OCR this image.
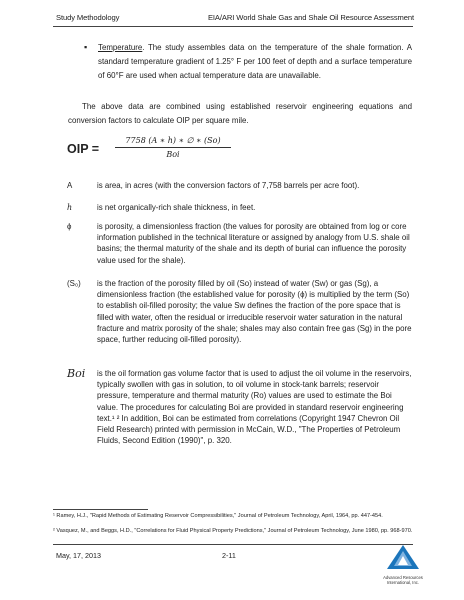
Study Methodology	EIA/ARI World Shale Gas and Shale Oil Resource Assessment
▪ Temperature. The study assembles data on the temperature of the shale formation. A standard temperature gradient of 1.25° F per 100 feet of depth and a surface temperature of 60°F are used when actual temperature data are unavailable.
The above data are combined using established reservoir engineering equations and conversion factors to calculate OIP per square mile.
OIP =
7758 (A ∗ h) ∗ ∅ ∗ (So)
Boi
A	is area, in acres (with the conversion factors of 7,758 barrels per acre foot).
h	is net organically-rich shale thickness, in feet.
ϕ	is porosity, a dimensionless fraction (the values for porosity are obtained from log or core information published in the technical literature or assigned by analogy from U.S. shale oil basins; the thermal maturity of the shale and its depth of burial can influence the porosity value used for the shale).
(S₀)	is the fraction of the porosity filled by oil (So) instead of water (Sw) or gas (Sg), a dimensionless fraction (the established value for porosity (ϕ) is multiplied by the term (So) to establish oil-filled porosity; the value Sw defines the fraction of the pore space that is filled with water, often the residual or irreducible reservoir water saturation in the natural fracture and matrix porosity of the shale; shales may also contain free gas (Sg) in the pore space, further reducing oil-filled porosity).
Boi	is the oil formation gas volume factor that is used to adjust the oil volume in the reservoirs, typically swollen with gas in solution, to oil volume in stock-tank barrels; reservoir pressure, temperature and thermal maturity (Ro) values are used to estimate the Boi value. The procedures for calculating Boi are provided in standard reservoir engineering text.¹ ² In addition, Boi can be estimated from correlations (Copyright 1947 Chevron Oil Field Research) printed with permission in McCain, W.D., "The Properties of Petroleum Fluids, Second Edition (1990)", p. 320.
¹ Ramey, H.J., "Rapid Methods of Estimating Reservoir Compressibilities," Journal of Petroleum Technology, April, 1964, pp. 447-454.
² Vasquez, M., and Beggs, H.D., "Correlations for Fluid Physical Property Predictions," Journal of Petroleum Technology, June 1980, pp. 968-970.
May, 17, 2013	2-11
Advanced Resources International, Inc.
